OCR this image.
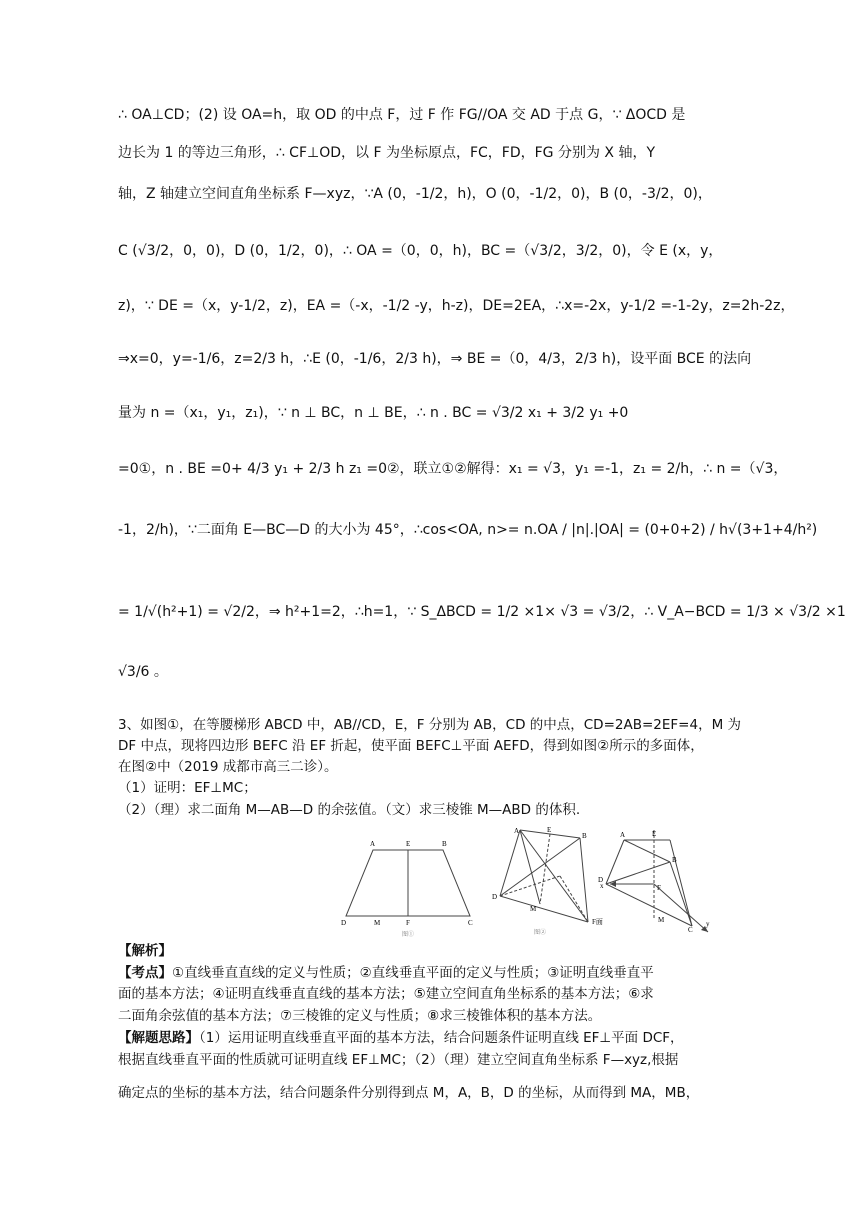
∴ OA⊥CD；(2) 设 OA=h，取 OD 的中点 F，过 F 作 FG//OA 交 AD 于点 G，∵ ΔOCD 是
边长为 1 的等边三角形，∴ CF⊥OD，以 F 为坐标原点，FC，FD，FG 分别为 X 轴，Y
轴，Z 轴建立空间直角坐标系 F—xyz，∵A (0，-1/2，h)，O (0，-1/2，0)，B (0，-3/2，0)，
C (√3/2，0，0)，D (0，1/2，0)，∴ OA =（0，0，h)，BC =（√3/2，3/2，0)，令 E (x，y，
z)，∵ DE =（x，y-1/2，z)，EA =（-x，-1/2 -y，h-z)，DE=2EA，∴x=-2x，y-1/2 =-1-2y，z=2h-2z，
⇒x=0，y=-1/6，z=2/3 h，∴E (0，-1/6，2/3 h)，⇒ BE =（0，4/3，2/3 h)，设平面 BCE 的法向
量为 n =（x₁，y₁，z₁)，∵ n ⊥ BC，n ⊥ BE，∴ n . BC = √3/2 x₁ + 3/2 y₁ +0
=0①，n . BE =0+ 4/3 y₁ + 2/3 h z₁ =0②，联立①②解得：x₁ = √3，y₁ =-1，z₁ = 2/h，∴ n =（√3，
-1，2/h)，∵二面角 E—BC—D 的大小为 45°，∴cos<OA, n>= n.OA / |n|.|OA| = (0+0+2) / h√(3+1+4/h²)
= 1/√(h²+1) = √2/2，⇒ h²+1=2，∴h=1，∵ S_ΔBCD = 1/2 ×1× √3 = √3/2，∴ V_A−BCD = 1/3 × √3/2 ×1
√3/6 。
3、如图①，在等腰梯形 ABCD 中，AB//CD，E，F 分别为 AB，CD 的中点，CD=2AB=2EF=4，M 为
DF 中点，现将四边形 BEFC 沿 EF 折起，使平面 BEFC⊥平面 AEFD，得到如图②所示的多面体，
在图②中（2019 成都市高三二诊）。
（1）证明：EF⊥MC；
（2）（理）求二面角 M—AB—D 的余弦值。（文）求三棱锥 M—ABD 的体积.
A	E	B
D	M	F	C
图①
A	E
B
D
M
F面
图②
A	E
B
D
x	F
M
C
y
【解析】
【考点】①直线垂直直线的定义与性质；②直线垂直平面的定义与性质；③证明直线垂直平
面的基本方法；④证明直线垂直直线的基本方法；⑤建立空间直角坐标系的基本方法；⑥求
二面角余弦值的基本方法；⑦三棱锥的定义与性质；⑧求三棱锥体积的基本方法。
【解题思路】（1）运用证明直线垂直平面的基本方法，结合问题条件证明直线 EF⊥平面 DCF，
根据直线垂直平面的性质就可证明直线 EF⊥MC；（2）（理）建立空间直角坐标系 F—xyz,根据
确定点的坐标的基本方法，结合问题条件分别得到点 M，A，B，D 的坐标，从而得到 MA，MB，
